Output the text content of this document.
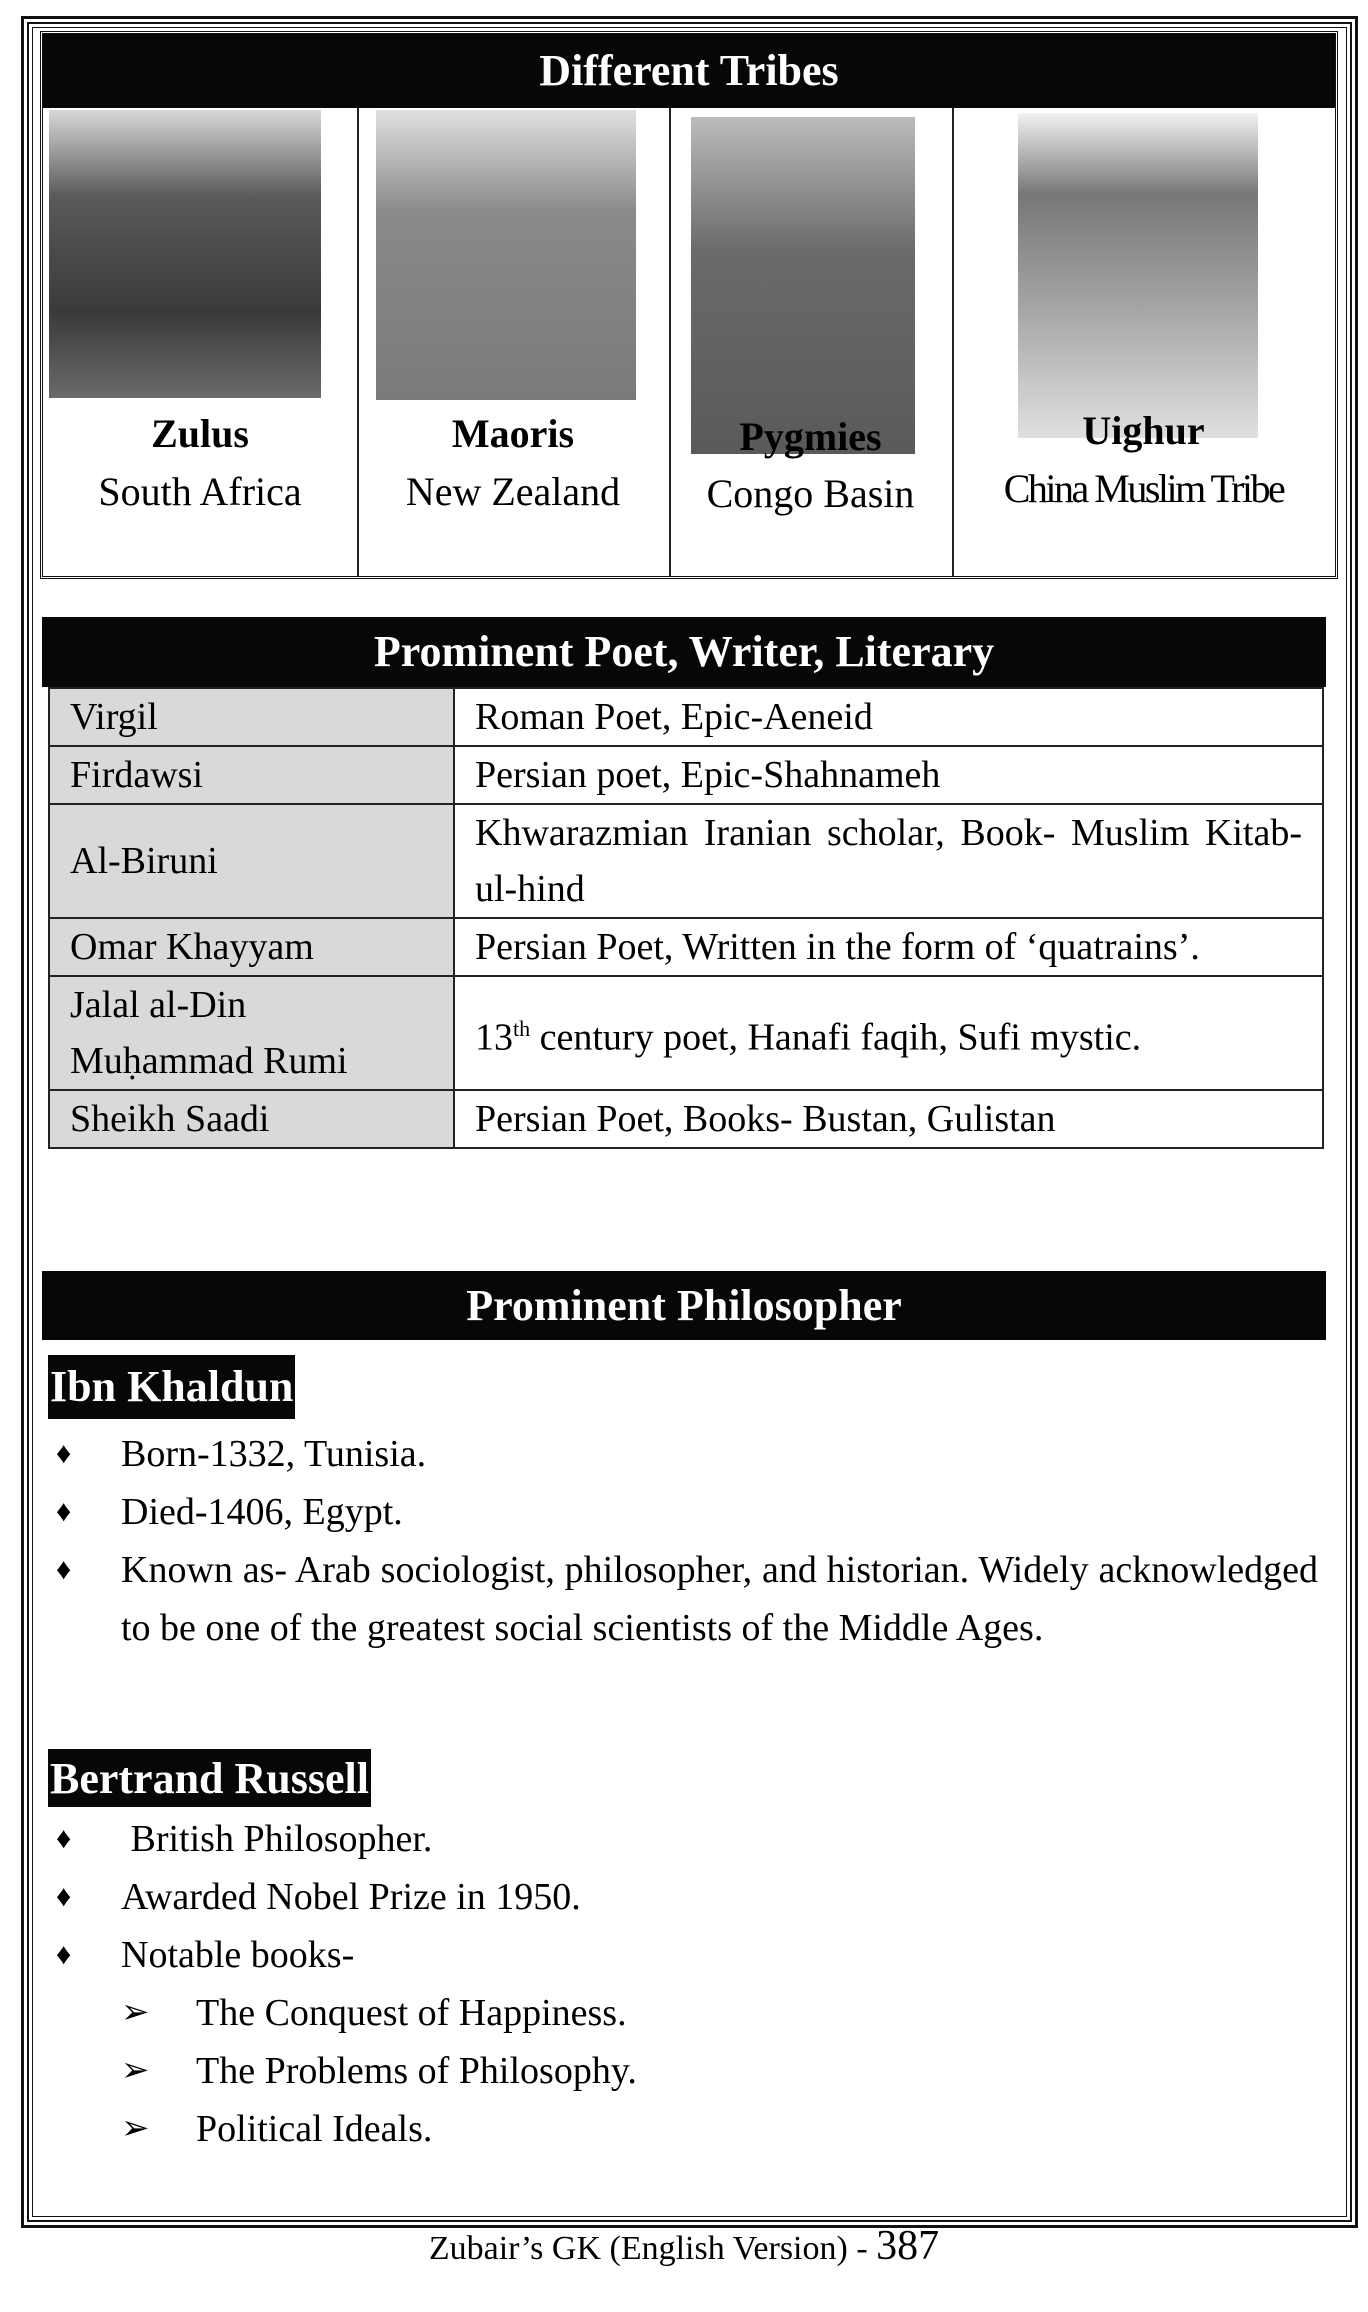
Different Tribes
Zulus
South Africa
Maoris
New Zealand
Pygmies
Congo Basin
Uighur
China Muslim Tribe
Prominent Poet, Writer, Literary
Virgil	Roman Poet, Epic-Aeneid
Firdawsi	Persian poet, Epic-Shahnameh
Al-Biruni	Khwarazmian Iranian scholar, Book- Muslim Kitab-ul-hind
Omar Khayyam	Persian Poet, Written in the form of ‘quatrains’.

Jalal al-Din
Muḥammad Rumi	13th century poet, Hanafi faqih, Sufi mystic.
Sheikh Saadi	Persian Poet, Books- Bustan, Gulistan
Prominent Philosopher
Ibn Khaldun
♦ Born-1332, Tunisia.
♦ Died-1406, Egypt.
♦ Known as- Arab sociologist, philosopher, and historian. Widely acknowledged to be one of the greatest social scientists of the Middle Ages.
Bertrand Russell
♦ British Philosopher.
♦ Awarded Nobel Prize in 1950.
♦ Notable books-
➢ The Conquest of Happiness.
➢ The Problems of Philosophy.
➢ Political Ideals.
Zubair’s GK (English Version) - 387
